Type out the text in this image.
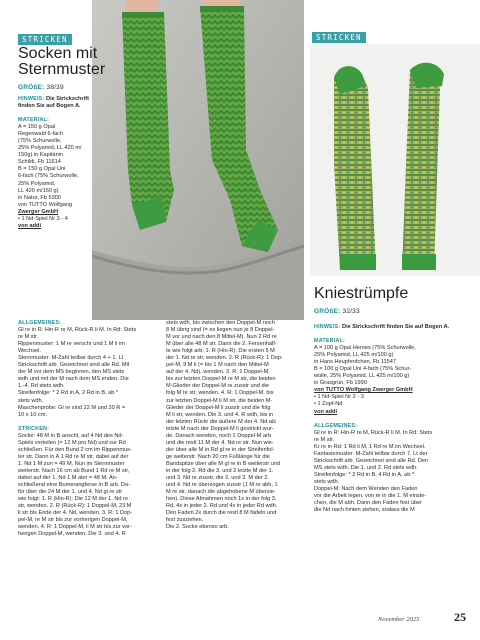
STRICKEN
Socken mit
Sternmuster
GRÖßE: 38/39

HINWEIS: Die Strickschrift finden Sie auf Bogen A.

MATERIAL:

A = 150 g Opal

Regenwald 6-fach

(75% Schurwolle,

25% Polyamid, LL 420 m/

150g) in Kapitänin

Schildi, Fb 11614

B = 150 g Opal Uni

6-fach (75% Schurwolle,

25% Polyamid,

LL 420 m/150 g)

in Natur, Fb 5300

von TUTTO Wolfgang

Zwerger GmbH

• 1 Nd-Spiel Nr 3 - 4

von addi

ALLGEMEINES:

Gl re in R: Hin-R re M, Rück-R li M. In Rd: Stets

re M str.

Rippenmuster: 1 M re verschr und 1 M li im

Wechsel.

Sternmuster: M-Zahl teilbar durch 4 + 1. Lt

Strickschrift arb. Gezeichnet sind alle Rd. Mit

der M vor dem MS beginnen, den MS stets

wdh und mit der M nach dem MS enden. Die

1.-4. Rd stets wdh.

Streifenfolge: * 2 Rd in A, 2 Rd in B, ab *

stets wdh.

Maschenprobe: Gl re sind 22 M und 20 R =

10 x 10 cm.

STRICKEN:

Socke: 48 M in B anschl, auf 4 Nd des Nd-

Spiels verteilen (= 12 M pro Nd) und zur Rd

schließen. Für den Bund 2 cm im Rippenmus-

ter str. Dann in A 1 Rd re M str, dabei auf der

1. Nd 1 M zun = 49 M. Nun im Sternmuster

weiterstr. Nach 16 cm ab Bund 1 Rd re M str,

dabei auf der 1. Nd 1 M abn = 48 M. An-

schließend eine Bumerangferse in B arb. Da-

für über die 24 M der 1. und 4. Nd gl re str

wie folgt: 1. R (Hin-R): Die 12 M der 1. Nd re

str, wenden. 2. R (Rück-R): 1 Doppel-M, 23 M

li str bis Ende der 4. Nd, wenden. 3. R: 1 Dop-

pel-M, re M str bis zur vorherigen Doppel-M,

wenden. 4. R: 1 Doppel-M, li M str bis zur vor-

herigen Doppel-M, wenden. Die 3. und 4. R

stets wdh, bis zwischen den Doppel-M noch

8 M übrig sind (= es liegen nun je 8 Doppel-

M vor und nach den 8 Mittel-M). Nun 2 Rd re

M über alle 48 M str. Dann die 2. Fersenhälf-

te wie folgt arb: 1. R (Hin-R): Die ersten 5 M

der 1. Nd re str, wenden. 2. R (Rück-R): 1 Dop-

pel-M, 9 M li (= bis 1 M nach den Mittel-M

auf der 4. Nd), wenden. 3. R: 1 Doppel-M,

bis zur letzten Doppel-M re M str, die beiden

M-Glieder der Doppel-M re zusstr und die

folg M re str, wenden. 4. R: 1 Doppel-M, bis

zur letzten Doppel-M li M str, die beiden M-

Glieder der Doppel-M li zusstr und die folg

M li str, wenden. Die 3. und 4. R wdh, bis in

der letzten Rückr die äußere M der 4. Nd als

letzte M nach der Doppel-M li gestrickt wur-

de. Danach wenden, noch 1 Doppel-M arb

und die restl 11 M der 4. Nd re str. Nun wie-

der über alle M in Rd gl re in der Streifenfol-

ge weiterstr. Nach 20 cm Fußlänge für die

Bandspitze über alle M gl re in B weiterstr und

in der folg 2. Rd die 3. und 2.letzte M der 1.

und 3. Nd re zusstr, die 2. und 3. M der 2.

und 4. Nd re überzogen zusstr (1 M re abh, 1

M re str, danach die abgehobene M überzie-

hen). Diese Abnahmen noch 1x in der folg 3.

Rd, 4x in jeder 2. Rd und 4x in jeder Rd wdh.

Den Faden 2x durch die restl 8 M fädeln und

fest zusziehen.

Die 2. Socke ebenso arb.

STRICKEN
Kniestrümpfe
GRÖßE: 32/33

HINWEIS: Die Strickschrift finden Sie auf Bogen A.

MATERIAL:

A = 100 g Opal Heroes (75% Schurwolle,

25% Polyamid, LL 425 m/100 g)

in Hans Heupferdchen, Fb 11547

B = 100 g Opal Uni 4-fach (75% Schur-

wolle, 25% Polyamid, LL 425 m/100 g)

in Grasgrün, Fb 1990

von TUTTO Wolfgang Zwerger GmbH

• 1 Nd-Spiel Nr 2 - 3

• 1 Zopf-Nd

von addi

ALLGEMEINES:

Gl re in R: Hin-R re M, Rück-R li M. In Rd: Stets

re M str.

Kr re in Rd: 1 Rd li M, 1 Rd re M im Wechsel.

Fantasiemuster: M-Zahl teilbar durch 7. Lt der

Strickschrift arb. Gezeichnet sind alle Rd. Den

MS stets wdh. Die 1. und 2. Rd stets wdh.

Streifenfolge: * 2 Rd in B, 4 Rd in A, ab *

stets wdh.

Doppel-M: Nach dem Wenden den Faden

vor die Arbeit legen, von re in die 1. M einste-

chen, die M abh. Dann den Faden fest über

die Nd nach hinten ziehen, sodass die M

November 2025	25
